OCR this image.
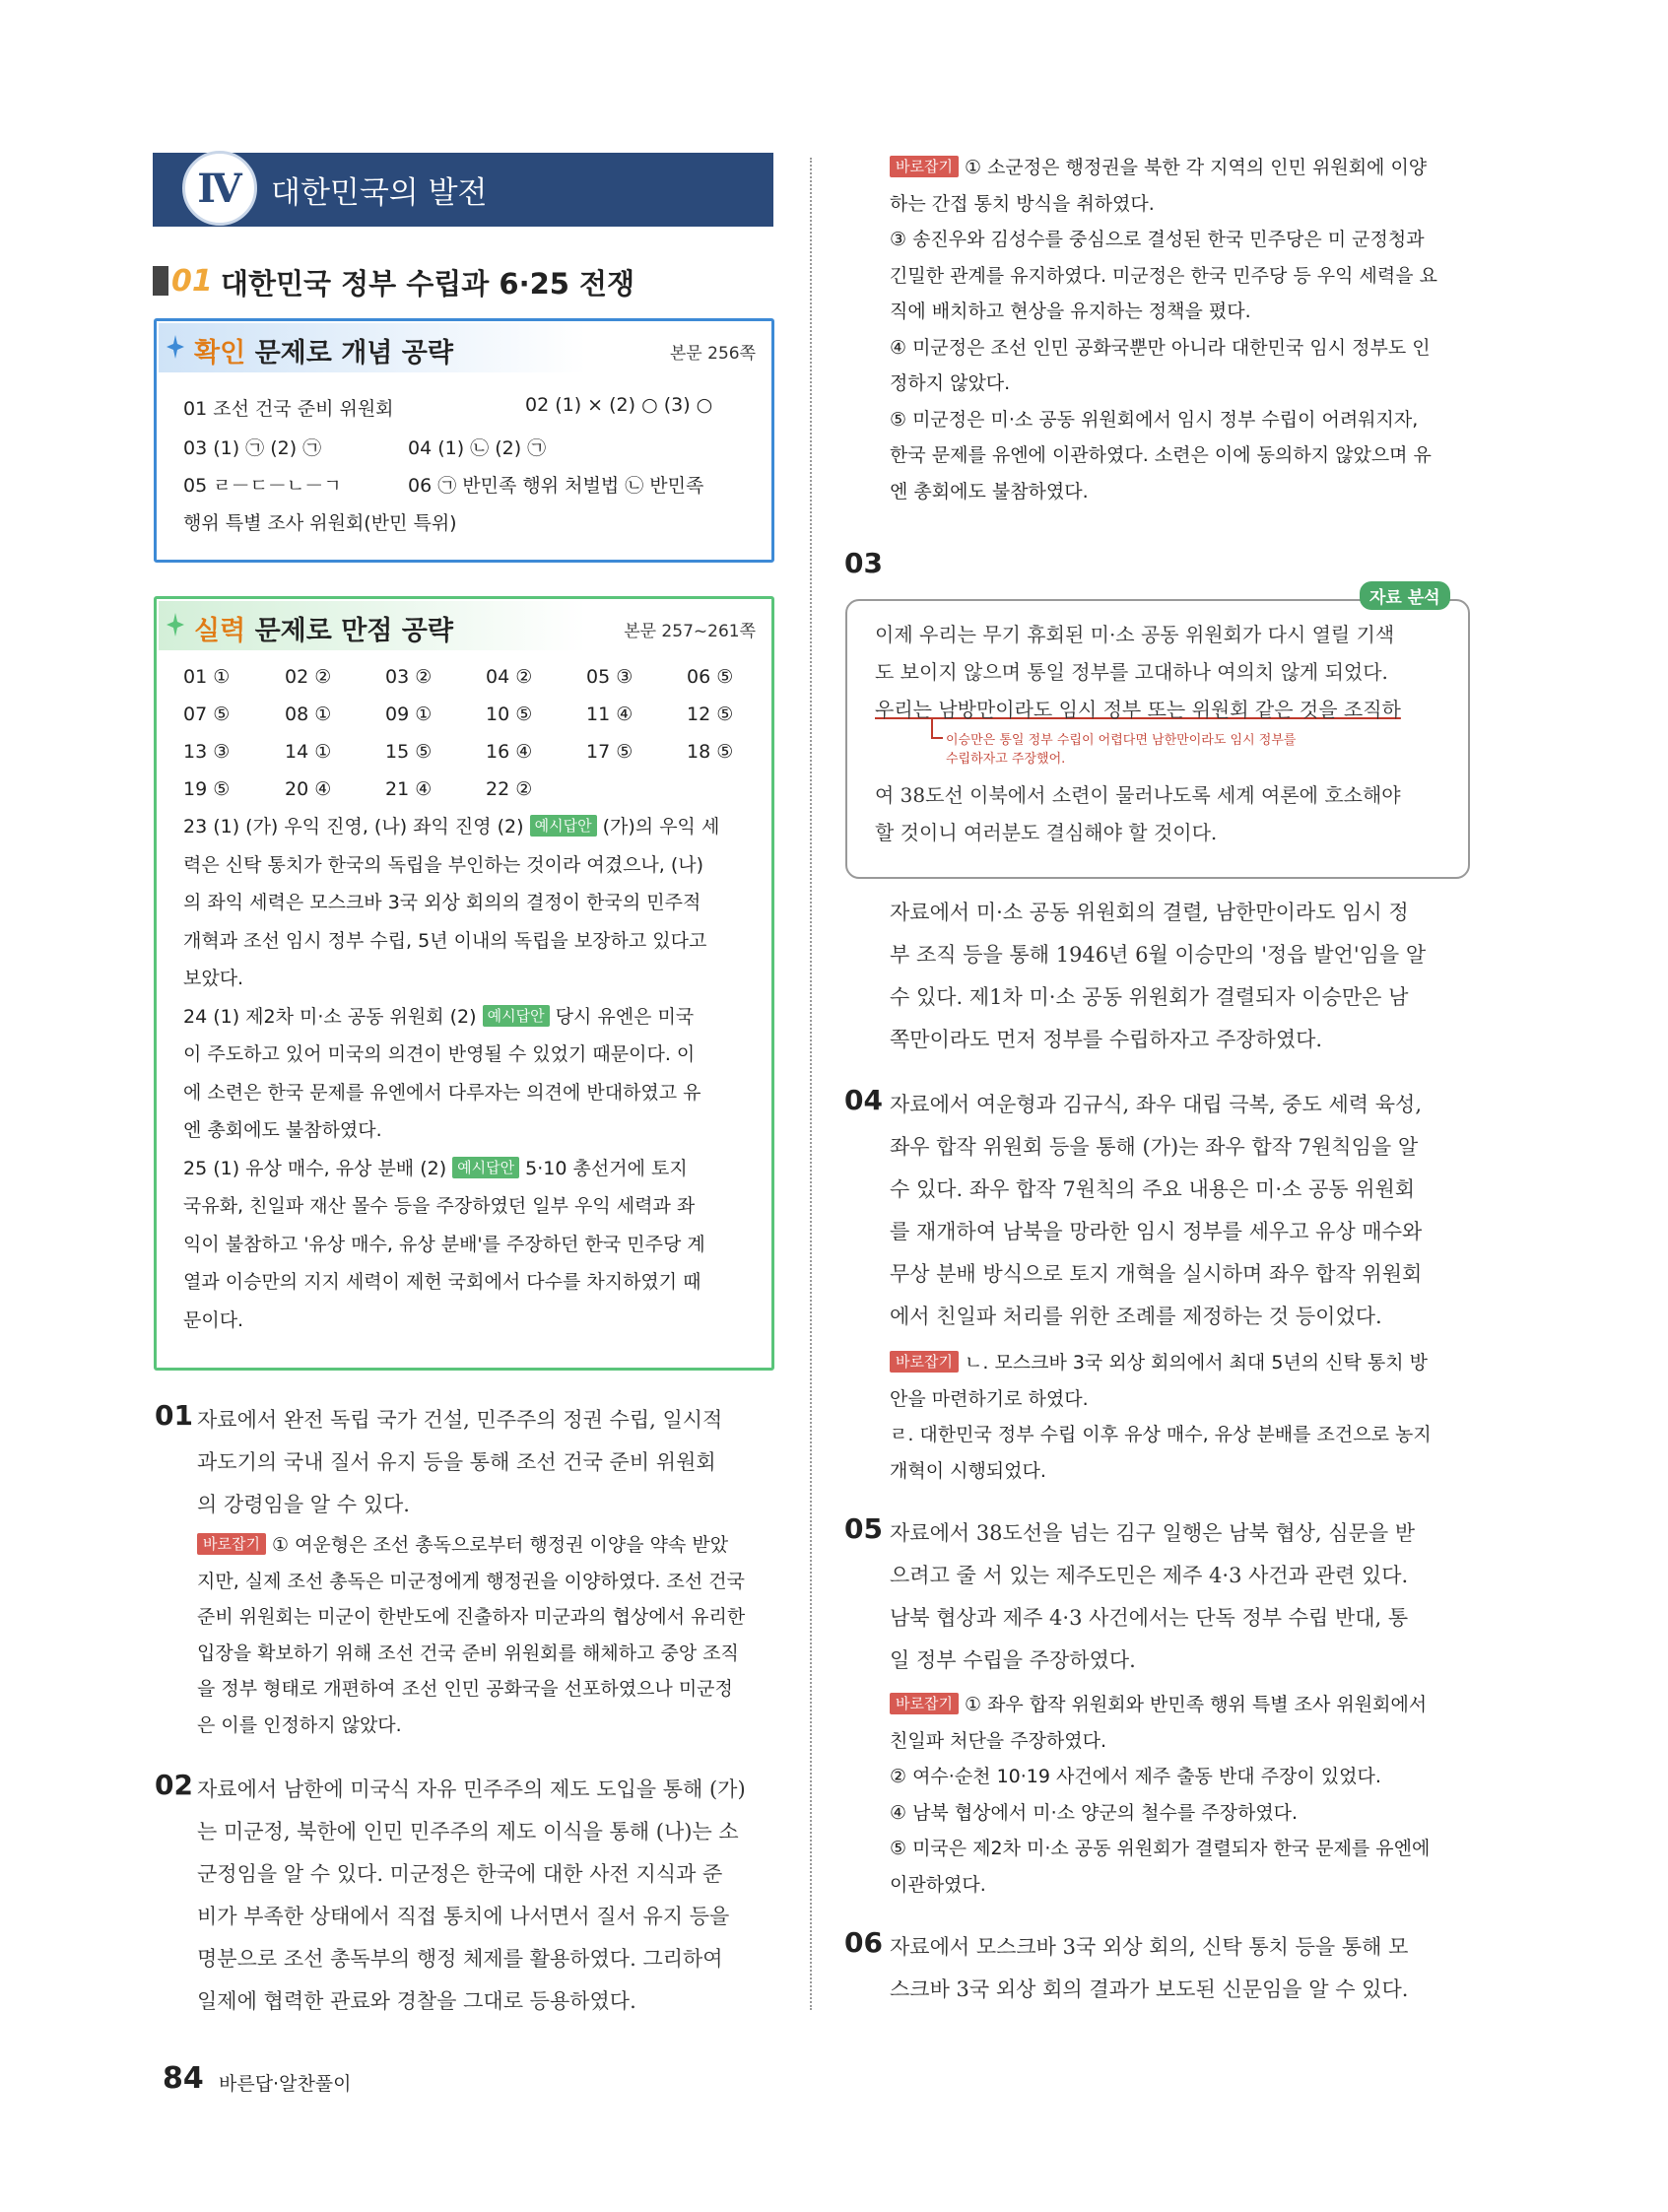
Ⅳ 대한민국의 발전
01 대한민국 정부 수립과 6·25 전쟁
확인 문제로 개념 공략	본문 256쪽
01 조선 건국 준비 위원회	02 (1) × (2) ○ (3) ○
03 (1) ㉠ (2) ㉠	04 (1) ㉡ (2) ㉠
05 ㄹ－ㄷ－ㄴ－ㄱ	06 ㉠ 반민족 행위 처벌법 ㉡ 반민족
행위 특별 조사 위원회(반민 특위)
실력 문제로 만점 공략	본문 257~261쪽
01 ①	02 ②	03 ②	04 ②	05 ③	06 ⑤
07 ⑤	08 ①	09 ①	10 ⑤	11 ④	12 ⑤
13 ③	14 ①	15 ⑤	16 ④	17 ⑤	18 ⑤
19 ⑤	20 ④	21 ④	22 ②
23 (1) (가) 우익 진영, (나) 좌익 진영 (2) 예시답안 (가)의 우익 세
력은 신탁 통치가 한국의 독립을 부인하는 것이라 여겼으나, (나)
의 좌익 세력은 모스크바 3국 외상 회의의 결정이 한국의 민주적
개혁과 조선 임시 정부 수립, 5년 이내의 독립을 보장하고 있다고
보았다.
24 (1) 제2차 미·소 공동 위원회 (2) 예시답안 당시 유엔은 미국
이 주도하고 있어 미국의 의견이 반영될 수 있었기 때문이다. 이
에 소련은 한국 문제를 유엔에서 다루자는 의견에 반대하였고 유
엔 총회에도 불참하였다.
25 (1) 유상 매수, 유상 분배 (2) 예시답안 5·10 총선거에 토지
국유화, 친일파 재산 몰수 등을 주장하였던 일부 우익 세력과 좌
익이 불참하고 '유상 매수, 유상 분배'를 주장하던 한국 민주당 계
열과 이승만의 지지 세력이 제헌 국회에서 다수를 차지하였기 때
문이다.
01 자료에서 완전 독립 국가 건설, 민주주의 정권 수립, 일시적
과도기의 국내 질서 유지 등을 통해 조선 건국 준비 위원회
의 강령임을 알 수 있다.
바로잡기 ① 여운형은 조선 총독으로부터 행정권 이양을 약속 받았
지만, 실제 조선 총독은 미군정에게 행정권을 이양하였다. 조선 건국
준비 위원회는 미군이 한반도에 진출하자 미군과의 협상에서 유리한
입장을 확보하기 위해 조선 건국 준비 위원회를 해체하고 중앙 조직
을 정부 형태로 개편하여 조선 인민 공화국을 선포하였으나 미군정
은 이를 인정하지 않았다.
02 자료에서 남한에 미국식 자유 민주주의 제도 도입을 통해 (가)
는 미군정, 북한에 인민 민주주의 제도 이식을 통해 (나)는 소
군정임을 알 수 있다. 미군정은 한국에 대한 사전 지식과 준
비가 부족한 상태에서 직접 통치에 나서면서 질서 유지 등을
명분으로 조선 총독부의 행정 체제를 활용하였다. 그리하여
일제에 협력한 관료와 경찰을 그대로 등용하였다.
바로잡기 ① 소군정은 행정권을 북한 각 지역의 인민 위원회에 이양
하는 간접 통치 방식을 취하였다.
③ 송진우와 김성수를 중심으로 결성된 한국 민주당은 미 군정청과
긴밀한 관계를 유지하였다. 미군정은 한국 민주당 등 우익 세력을 요
직에 배치하고 현상을 유지하는 정책을 폈다.
④ 미군정은 조선 인민 공화국뿐만 아니라 대한민국 임시 정부도 인
정하지 않았다.
⑤ 미군정은 미·소 공동 위원회에서 임시 정부 수립이 어려워지자,
한국 문제를 유엔에 이관하였다. 소련은 이에 동의하지 않았으며 유
엔 총회에도 불참하였다.
03
자료 분석
이제 우리는 무기 휴회된 미·소 공동 위원회가 다시 열릴 기색
도 보이지 않으며 통일 정부를 고대하나 여의치 않게 되었다.
우리는 남방만이라도 임시 정부 또는 위원회 같은 것을 조직하
이승만은 통일 정부 수립이 어렵다면 남한만이라도 임시 정부를
수립하자고 주장했어.
여 38도선 이북에서 소련이 물러나도록 세계 여론에 호소해야
할 것이니 여러분도 결심해야 할 것이다.
자료에서 미·소 공동 위원회의 결렬, 남한만이라도 임시 정
부 조직 등을 통해 1946년 6월 이승만의 '정읍 발언'임을 알
수 있다. 제1차 미·소 공동 위원회가 결렬되자 이승만은 남
쪽만이라도 먼저 정부를 수립하자고 주장하였다.
04 자료에서 여운형과 김규식, 좌우 대립 극복, 중도 세력 육성,
좌우 합작 위원회 등을 통해 (가)는 좌우 합작 7원칙임을 알
수 있다. 좌우 합작 7원칙의 주요 내용은 미·소 공동 위원회
를 재개하여 남북을 망라한 임시 정부를 세우고 유상 매수와
무상 분배 방식으로 토지 개혁을 실시하며 좌우 합작 위원회
에서 친일파 처리를 위한 조례를 제정하는 것 등이었다.
바로잡기 ㄴ. 모스크바 3국 외상 회의에서 최대 5년의 신탁 통치 방
안을 마련하기로 하였다.
ㄹ. 대한민국 정부 수립 이후 유상 매수, 유상 분배를 조건으로 농지
개혁이 시행되었다.
05 자료에서 38도선을 넘는 김구 일행은 남북 협상, 심문을 받
으려고 줄 서 있는 제주도민은 제주 4·3 사건과 관련 있다.
남북 협상과 제주 4·3 사건에서는 단독 정부 수립 반대, 통
일 정부 수립을 주장하였다.
바로잡기 ① 좌우 합작 위원회와 반민족 행위 특별 조사 위원회에서
친일파 처단을 주장하였다.
② 여수·순천 10·19 사건에서 제주 출동 반대 주장이 있었다.
④ 남북 협상에서 미·소 양군의 철수를 주장하였다.
⑤ 미국은 제2차 미·소 공동 위원회가 결렬되자 한국 문제를 유엔에
이관하였다.
06 자료에서 모스크바 3국 외상 회의, 신탁 통치 등을 통해 모
스크바 3국 외상 회의 결과가 보도된 신문임을 알 수 있다.
84 바른답·알찬풀이
